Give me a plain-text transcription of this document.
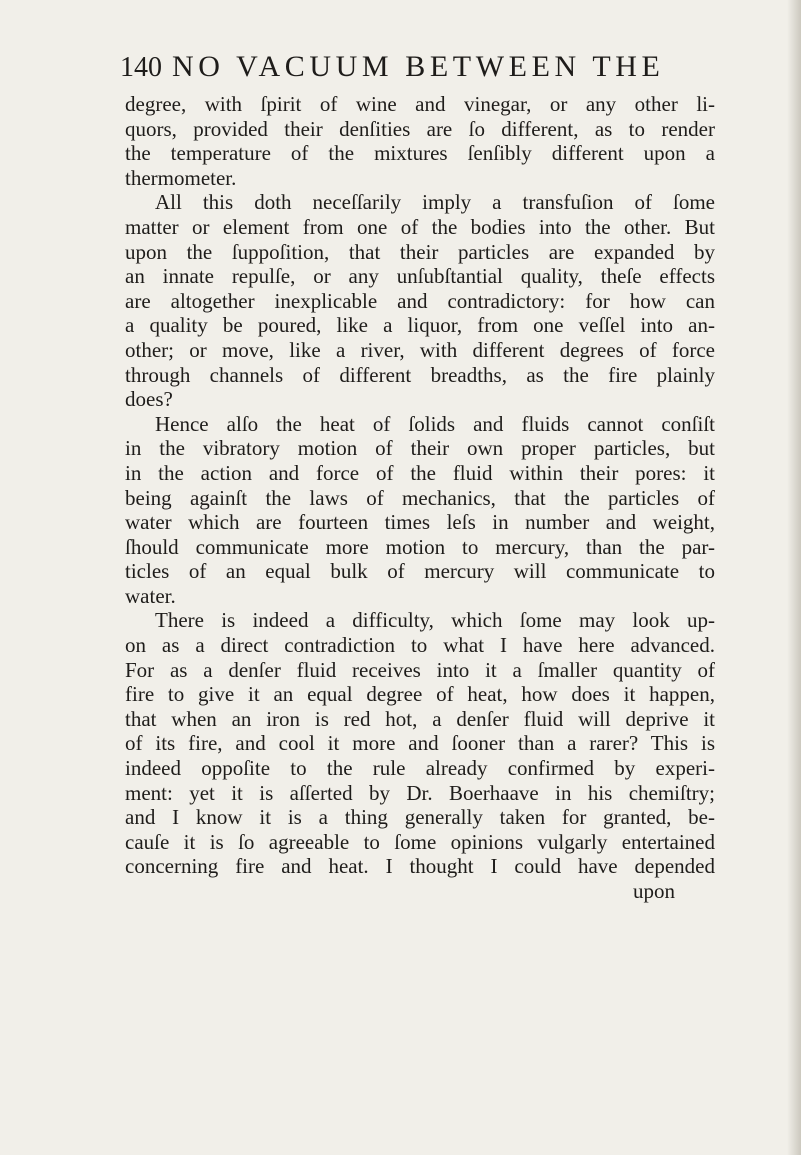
140 NO VACUUM BETWEEN THE
degree, with ſpirit of wine and vinegar, or any other li-
quors, provided their denſities are ſo different, as to render
the temperature of the mixtures ſenſibly different upon a
thermometer.
All this doth neceſſarily imply a transfuſion of ſome
matter or element from one of the bodies into the other. But
upon the ſuppoſition, that their particles are expanded by
an innate repulſe, or any unſubſtantial quality, theſe effects
are altogether inexplicable and contradictory: for how can
a quality be poured, like a liquor, from one veſſel into an-
other; or move, like a river, with different degrees of force
through channels of different breadths, as the fire plainly
does?
Hence alſo the heat of ſolids and fluids cannot conſiſt
in the vibratory motion of their own proper particles, but
in the action and force of the fluid within their pores: it
being againſt the laws of mechanics, that the particles of
water which are fourteen times leſs in number and weight,
ſhould communicate more motion to mercury, than the par-
ticles of an equal bulk of mercury will communicate to
water.
There is indeed a difficulty, which ſome may look up-
on as a direct contradiction to what I have here advanced.
For as a denſer fluid receives into it a ſmaller quantity of
fire to give it an equal degree of heat, how does it happen,
that when an iron is red hot, a denſer fluid will deprive it
of its fire, and cool it more and ſooner than a rarer? This is
indeed oppoſite to the rule already confirmed by experi-
ment: yet it is aſſerted by Dr. Boerhaave in his chemiſtry;
and I know it is a thing generally taken for granted, be-
cauſe it is ſo agreeable to ſome opinions vulgarly entertained
concerning fire and heat. I thought I could have depended
upon
